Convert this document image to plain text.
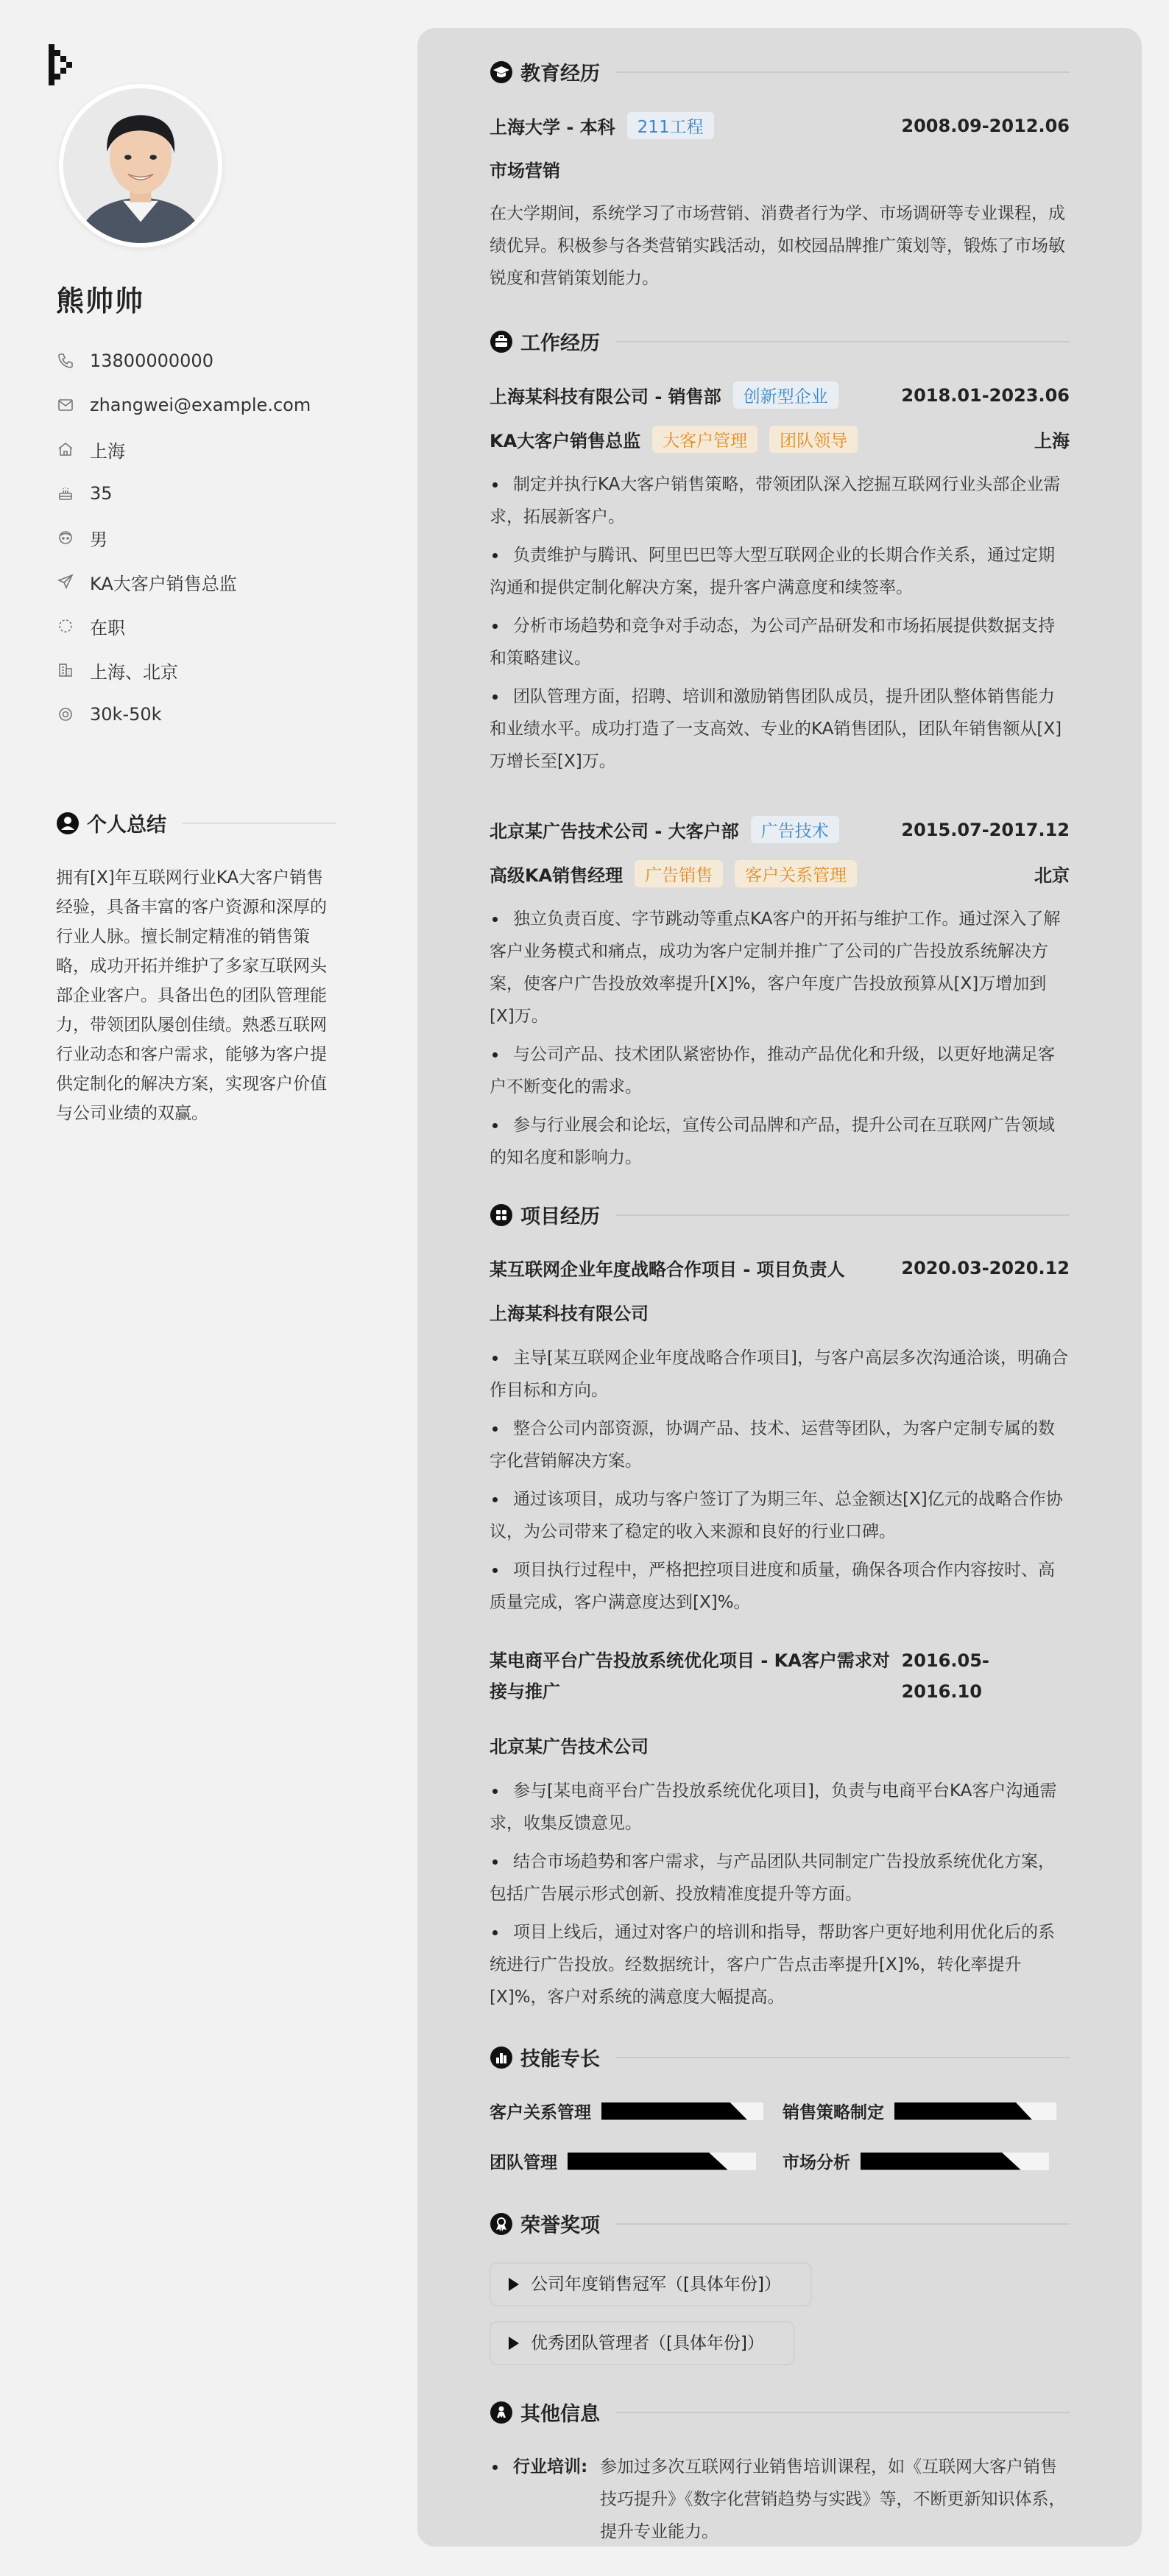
熊帅帅
13800000000
zhangwei@example.com
上海
35
男
KA大客户销售总监
在职
上海、北京
30k-50k
个人总结

拥有[X]年互联网行业KA大客户销售经验，具备丰富的客户资源和深厚的行业人脉。擅长制定精准的销售策略，成功开拓并维护了多家互联网头部企业客户。具备出色的团队管理能力，带领团队屡创佳绩。熟悉互联网行业动态和客户需求，能够为客户提供定制化的解决方案，实现客户价值与公司业绩的双赢。

教育经历
上海大学 - 本科	211工程	2008.09-2012.06
市场营销

在大学期间，系统学习了市场营销、消费者行为学、市场调研等专业课程，成绩优异。积极参与各类营销实践活动，如校园品牌推广策划等，锻炼了市场敏锐度和营销策划能力。

工作经历
上海某科技有限公司 - 销售部	创新型企业	2018.01-2023.06
KA大客户销售总监	大客户管理	团队领导	上海
制定并执行KA大客户销售策略，带领团队深入挖掘互联网行业头部企业需求，拓展新客户。
负责维护与腾讯、阿里巴巴等大型互联网企业的长期合作关系，通过定期沟通和提供定制化解决方案，提升客户满意度和续签率。
分析市场趋势和竞争对手动态，为公司产品研发和市场拓展提供数据支持和策略建议。
团队管理方面，招聘、培训和激励销售团队成员，提升团队整体销售能力和业绩水平。成功打造了一支高效、专业的KA销售团队，团队年销售额从[X]万增长至[X]万。
北京某广告技术公司 - 大客户部	广告技术	2015.07-2017.12
高级KA销售经理	广告销售	客户关系管理	北京
独立负责百度、字节跳动等重点KA客户的开拓与维护工作。通过深入了解客户业务模式和痛点，成功为客户定制并推广了公司的广告投放系统解决方案，使客户广告投放效率提升[X]%，客户年度广告投放预算从[X]万增加到[X]万。
与公司产品、技术团队紧密协作，推动产品优化和升级，以更好地满足客户不断变化的需求。
参与行业展会和论坛，宣传公司品牌和产品，提升公司在互联网广告领域的知名度和影响力。
项目经历
某互联网企业年度战略合作项目 - 项目负责人	2020.03-2020.12
上海某科技有限公司
主导[某互联网企业年度战略合作项目]，与客户高层多次沟通洽谈，明确合作目标和方向。
整合公司内部资源，协调产品、技术、运营等团队，为客户定制专属的数字化营销解决方案。
通过该项目，成功与客户签订了为期三年、总金额达[X]亿元的战略合作协议，为公司带来了稳定的收入来源和良好的行业口碑。
项目执行过程中，严格把控项目进度和质量，确保各项合作内容按时、高质量完成，客户满意度达到[X]%。
某电商平台广告投放系统优化项目 - KA客户需求对接与推广
2016.05-2016.10
北京某广告技术公司
参与[某电商平台广告投放系统优化项目]，负责与电商平台KA客户沟通需求，收集反馈意见。
结合市场趋势和客户需求，与产品团队共同制定广告投放系统优化方案，包括广告展示形式创新、投放精准度提升等方面。
项目上线后，通过对客户的培训和指导，帮助客户更好地利用优化后的系统进行广告投放。经数据统计，客户广告点击率提升[X]%，转化率提升[X]%，客户对系统的满意度大幅提高。
技能专长
客户关系管理	销售策略制定
团队管理	市场分析
荣誉奖项
公司年度销售冠军（[具体年份]）
优秀团队管理者（[具体年份]）
其他信息
行业培训: 参加过多次互联网行业销售培训课程，如《互联网大客户销售技巧提升》《数字化营销趋势与实践》等，不断更新知识体系，提升专业能力。
